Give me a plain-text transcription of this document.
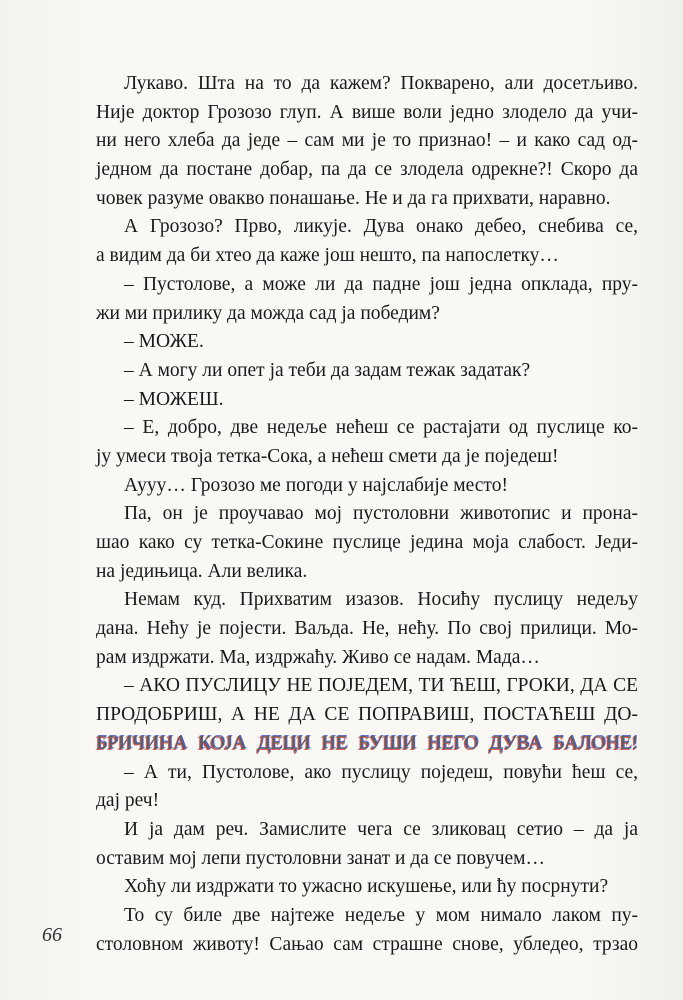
Лукаво. Шта на то да кажем? Покварено, али досетљиво.
Није доктор Грозозо глуп. А више воли једно злодело да учи-
ни него хлеба да једе – сам ми је то признао! – и како сад од-
једном да постане добар, па да се злодела одрекне?! Скоро да
човек разуме овакво понашање. Не и да га прихвати, наравно.
А Грозозо? Прво, ликује. Дува онако дебео, снебива се,
а видим да би хтео да каже још нешто, па напослетку…
– Пустолове, а може ли да падне још једна опклада, пру-
жи ми прилику да можда сад ја победим?
– МОЖЕ.
– А могу ли опет ја теби да задам тежак задатак?
– МОЖЕШ.
– Е, добро, две недеље нећеш се растајати од пуслице ко-
ју умеси твоја тетка-Сока, а нећеш смети да је поједеш!
Аууу… Грозозо ме погоди у најслабије место!
Па, он је проучавао мој пустоловни животопис и прона-
шао како су тетка-Сокине пуслице једина моја слабост. Једи-
на једињица. Али велика.
Немам куд. Прихватим изазов. Носићу пуслицу недељу
дана. Нећу је појести. Ваљда. Не, нећу. По свој прилици. Мо-
рам издржати. Ма, издржаћу. Живо се надам. Мада…
– АКО ПУСЛИЦУ НЕ ПОЈЕДЕМ, ТИ ЋЕШ, ГРОКИ, ДА СЕ
ПРОДОБРИШ, А НЕ ДА СЕ ПОПРАВИШ, ПОСТАЋЕШ ДО-
БРИЧИНА КОЈА ДЕЦИ НЕ БУШИ НЕГО ДУВА БАЛОНЕ!
– А ти, Пустолове, ако пуслицу поједеш, повући ћеш се,
дај реч!
И ја дам реч. Замислите чега се зликовац сетио – да ја
оставим мој лепи пустоловни занат и да се повучем…
Хоћу ли издржати то ужасно искушење, или ћу посрнути?
То су биле две најтеже недеље у мом нимало лаком пу-
столовном животу! Сањао сам страшне снове, убледео, трзао
66
